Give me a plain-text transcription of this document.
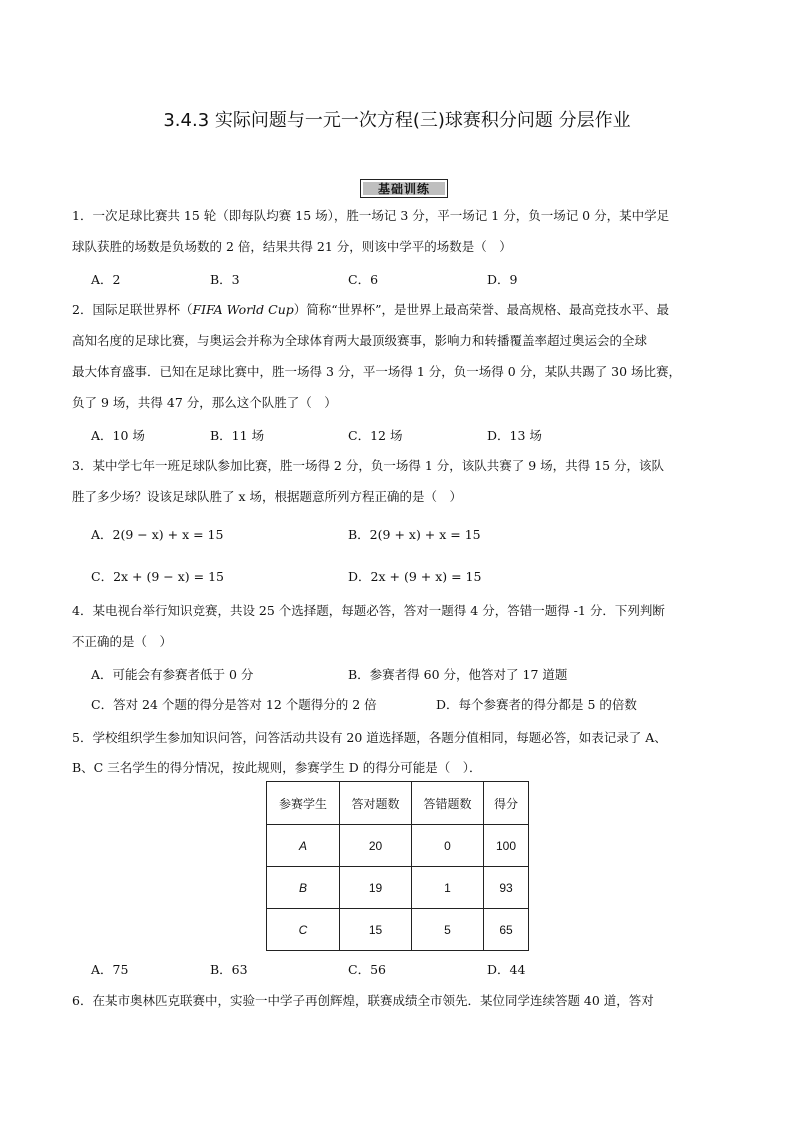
3.4.3 实际问题与一元一次方程(三)球赛积分问题 分层作业
基础训练
1．一次足球比赛共 15 轮（即每队均赛 15 场），胜一场记 3 分，平一场记 1 分，负一场记 0 分，某中学足
球队获胜的场数是负场数的 2 倍，结果共得 21 分，则该中学平的场数是（　）
A．2	B．3	C．6	D．9
2．国际足联世界杯（FIFA World Cup）简称“世界杯”，是世界上最高荣誉、最高规格、最高竞技水平、最
高知名度的足球比赛，与奥运会并称为全球体育两大最顶级赛事，影响力和转播覆盖率超过奥运会的全球
最大体育盛事．已知在足球比赛中，胜一场得 3 分，平一场得 1 分，负一场得 0 分，某队共踢了 30 场比赛，
负了 9 场，共得 47 分，那么这个队胜了（　）
A．10 场	B．11 场	C．12 场	D．13 场
3．某中学七年一班足球队参加比赛，胜一场得 2 分，负一场得 1 分，该队共赛了 9 场，共得 15 分，该队
胜了多少场？设该足球队胜了 x 场，根据题意所列方程正确的是（　）
A．2(9 − x) + x = 15	B．2(9 + x) + x = 15
C．2x + (9 − x) = 15	D．2x + (9 + x) = 15
4．某电视台举行知识竞赛，共设 25 个选择题，每题必答，答对一题得 4 分，答错一题得 -1 分．下列判断
不正确的是（　）
A．可能会有参赛者低于 0 分	B．参赛者得 60 分，他答对了 17 道题
C．答对 24 个题的得分是答对 12 个题得分的 2 倍	D．每个参赛者的得分都是 5 的倍数
5．学校组织学生参加知识问答，问答活动共设有 20 道选择题，各题分值相同，每题必答，如表记录了 A、
B、C 三名学生的得分情况，按此规则，参赛学生 D 的得分可能是（　）．
参赛学生	答对题数	答错题数	得分
A	20	0	100
B	19	1	93
C	15	5	65
A．75	B．63	C．56	D．44
6．在某市奥林匹克联赛中，实验一中学子再创辉煌，联赛成绩全市领先．某位同学连续答题 40 道，答对
